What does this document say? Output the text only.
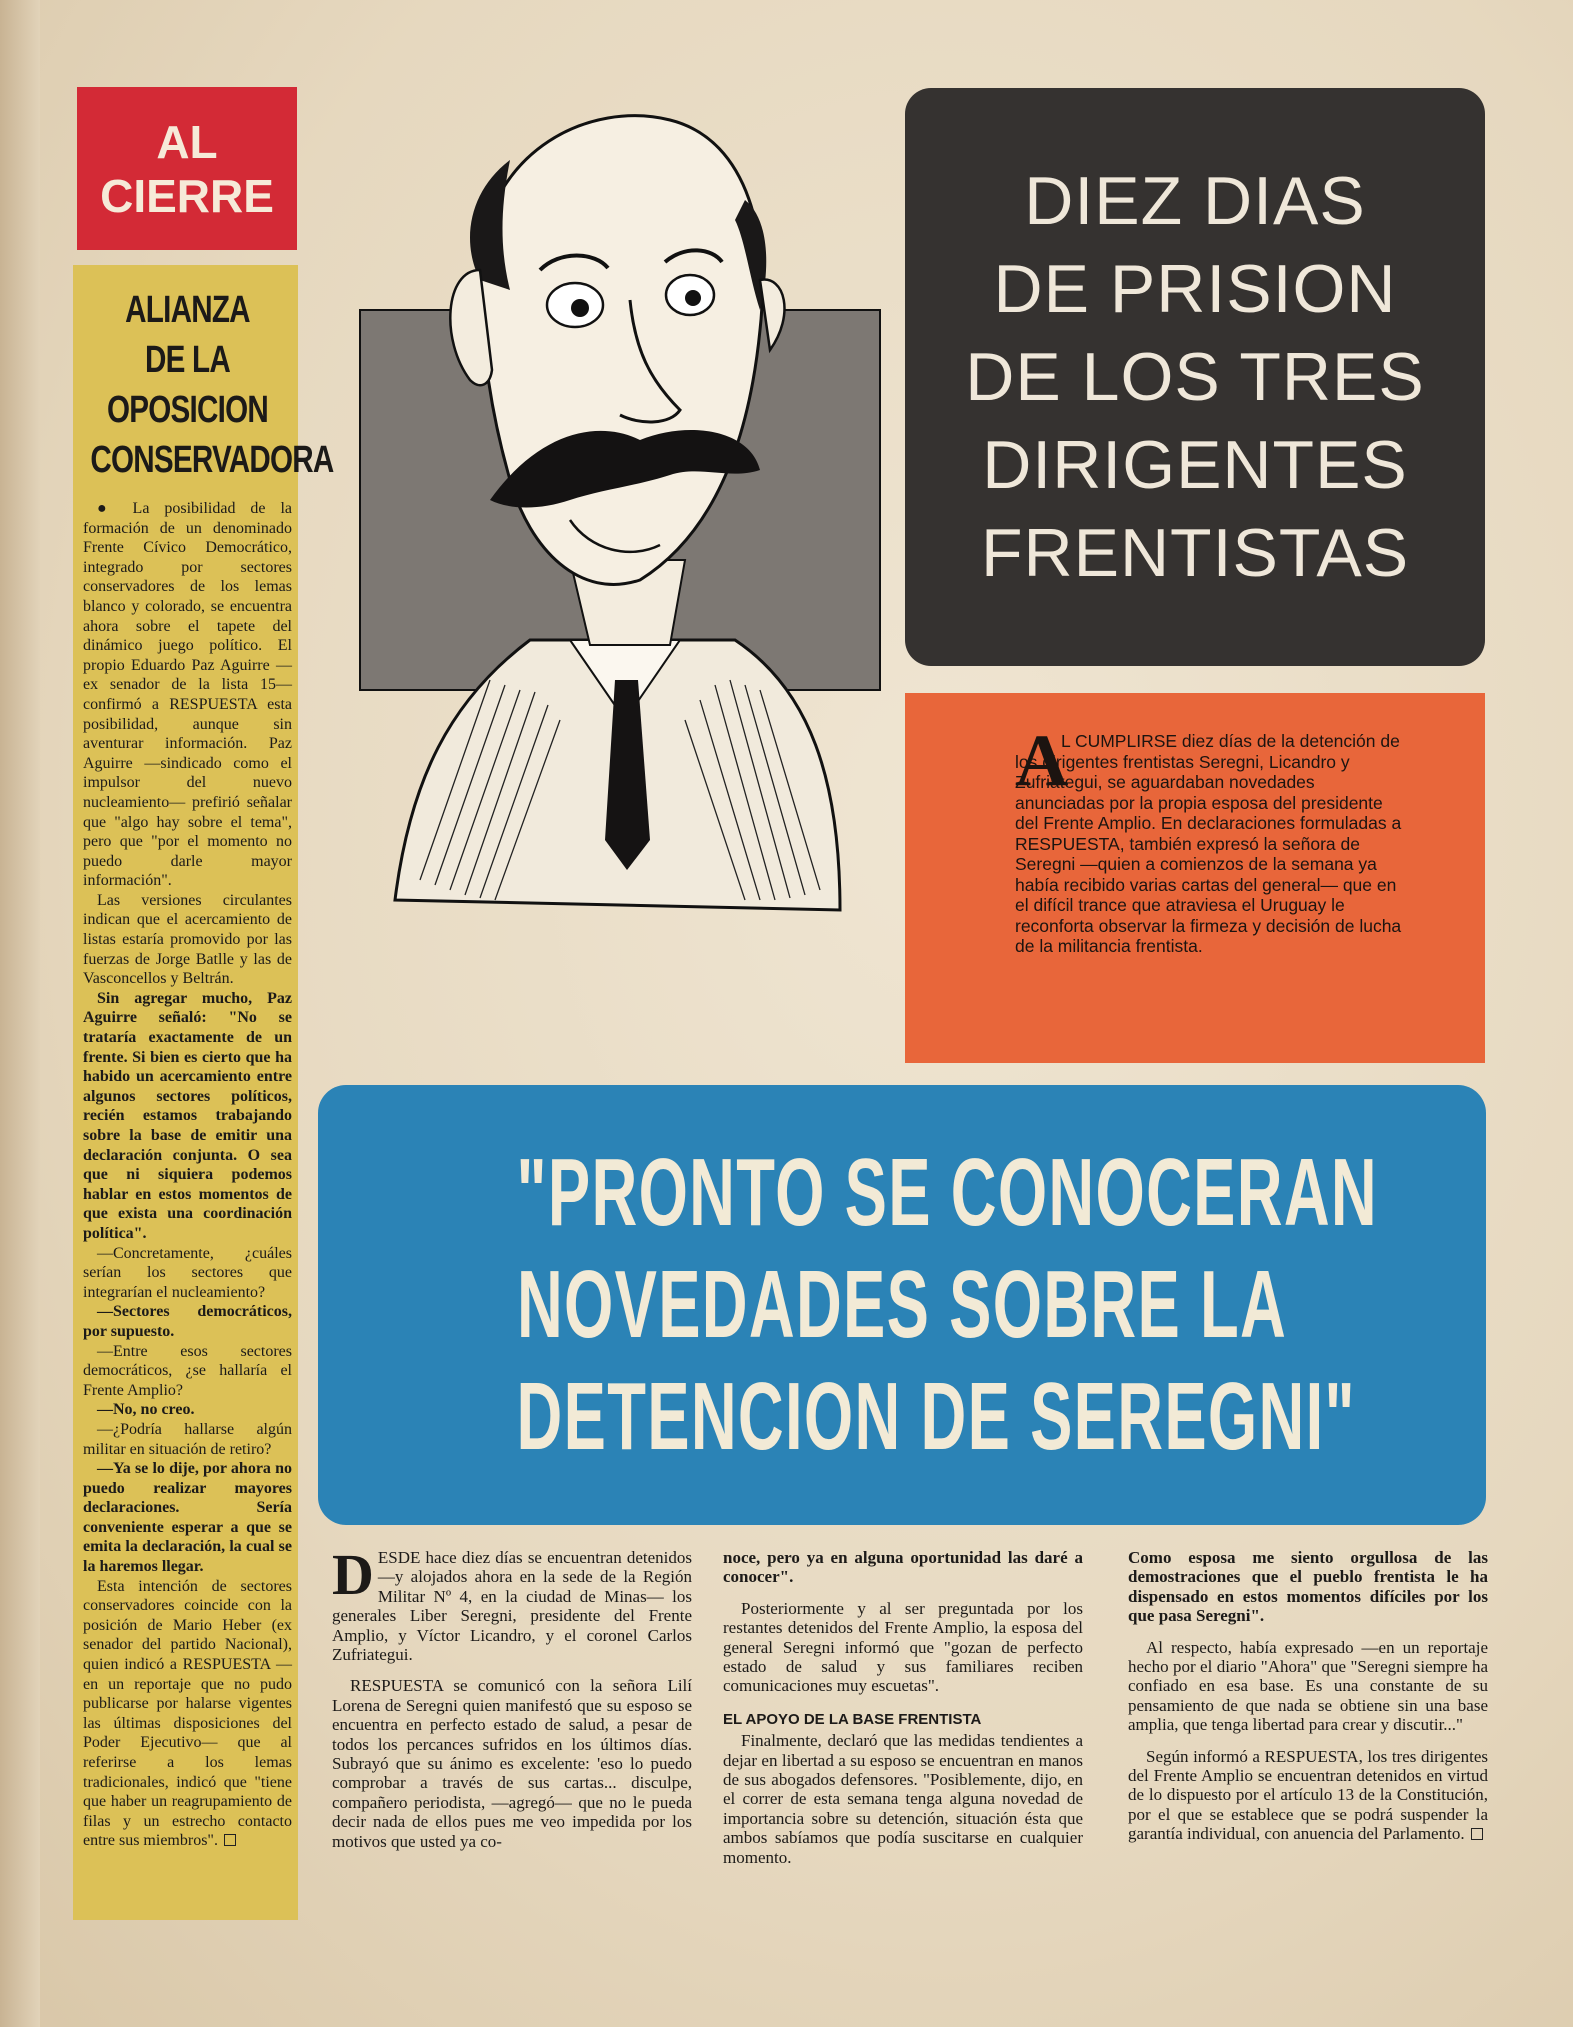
AL
CIERRE
ALIANZA
DE LA
OPOSICION
CONSERVADORA

● La posibilidad de la formación de un denominado Frente Cívico Democrático, integrado por sectores conservadores de los lemas blanco y colorado, se encuentra ahora sobre el tapete del dinámico juego político. El propio Eduardo Paz Aguirre —ex senador de la lista 15— confirmó a RESPUESTA esta posibilidad, aunque sin aventurar información. Paz Aguirre —sindicado como el impulsor del nuevo nucleamiento— prefirió señalar que "algo hay sobre el tema", pero que "por el momento no puedo darle mayor información".

Las versiones circulantes indican que el acercamiento de listas estaría promovido por las fuerzas de Jorge Batlle y las de Vasconcellos y Beltrán.

Sin agregar mucho, Paz Aguirre señaló: "No se trataría exactamente de un frente. Si bien es cierto que ha habido un acercamiento entre algunos sectores políticos, recién estamos trabajando sobre la base de emitir una declaración conjunta. O sea que ni siquiera podemos hablar en estos momentos de que exista una coordinación política".

—Concretamente, ¿cuáles serían los sectores que integrarían el nucleamiento?

—Sectores democráticos, por supuesto.

—Entre esos sectores democráticos, ¿se hallaría el Frente Amplio?

—No, no creo.

—¿Podría hallarse algún militar en situación de retiro?

—Ya se lo dije, por ahora no puedo realizar mayores declaraciones. Sería conveniente esperar a que se emita la declaración, la cual se la haremos llegar.

Esta intención de sectores conservadores coincide con la posición de Mario Heber (ex senador del partido Nacional), quien indicó a RESPUESTA —en un reportaje que no pudo publicarse por halarse vigentes las últimas disposiciones del Poder Ejecutivo— que al referirse a los lemas tradicionales, indicó que "tiene que haber un reagrupamiento de filas y un estrecho contacto entre sus miembros".

DIEZ DIAS
DE PRISION
DE LOS TRES
DIRIGENTES
FRENTISTAS
A
L CUMPLIRSE diez días de la detención de los dirigentes frentistas Seregni, Licandro y Zufriategui, se aguardaban novedades anunciadas por la propia esposa del presidente del Frente Amplio. En declaraciones formuladas a RESPUESTA, también expresó la señora de Seregni —quien a comienzos de la semana ya había recibido varias cartas del general— que en el difícil trance que atraviesa el Uruguay le reconforta observar la firmeza y decisión de lucha de la militancia frentista.
"PRONTO SE CONOCERAN
NOVEDADES SOBRE LA
DETENCION DE SEREGNI"

DESDE hace diez días se encuentran detenidos —y alojados ahora en la sede de la Región Militar Nº 4, en la ciudad de Minas— los generales Liber Seregni, presidente del Frente Amplio, y Víctor Licandro, y el coronel Carlos Zufriategui.

RESPUESTA se comunicó con la señora Lilí Lorena de Seregni quien manifestó que su esposo se encuentra en perfecto estado de salud, a pesar de todos los percances sufridos en los últimos días. Subrayó que su ánimo es excelente: 'eso lo puedo comprobar a través de sus cartas... disculpe, compañero periodista, —agregó— que no le pueda decir nada de ellos pues me veo impedida por los motivos que usted ya co-

noce, pero ya en alguna oportunidad las daré a conocer".

Posteriormente y al ser preguntada por los restantes detenidos del Frente Amplio, la esposa del general Seregni informó que "gozan de perfecto estado de salud y sus familiares reciben comunicaciones muy escuetas".

EL APOYO DE LA BASE FRENTISTA

Finalmente, declaró que las medidas tendientes a dejar en libertad a su esposo se encuentran en manos de sus abogados defensores. "Posiblemente, dijo, en el correr de esta semana tenga alguna novedad de importancia sobre su detención, situación ésta que ambos sabíamos que podía suscitarse en cualquier momento.

Como esposa me siento orgullosa de las demostraciones que el pueblo frentista le ha dispensado en estos momentos difíciles por los que pasa Seregni".

Al respecto, había expresado —en un reportaje hecho por el diario "Ahora" que "Seregni siempre ha confiado en esa base. Es una constante de su pensamiento de que nada se obtiene sin una base amplia, que tenga libertad para crear y discutir..."

Según informó a RESPUESTA, los tres dirigentes del Frente Amplio se encuentran detenidos en virtud de lo dispuesto por el artículo 13 de la Constitución, por el que se establece que se podrá suspender la garantía individual, con anuencia del Parlamento.
